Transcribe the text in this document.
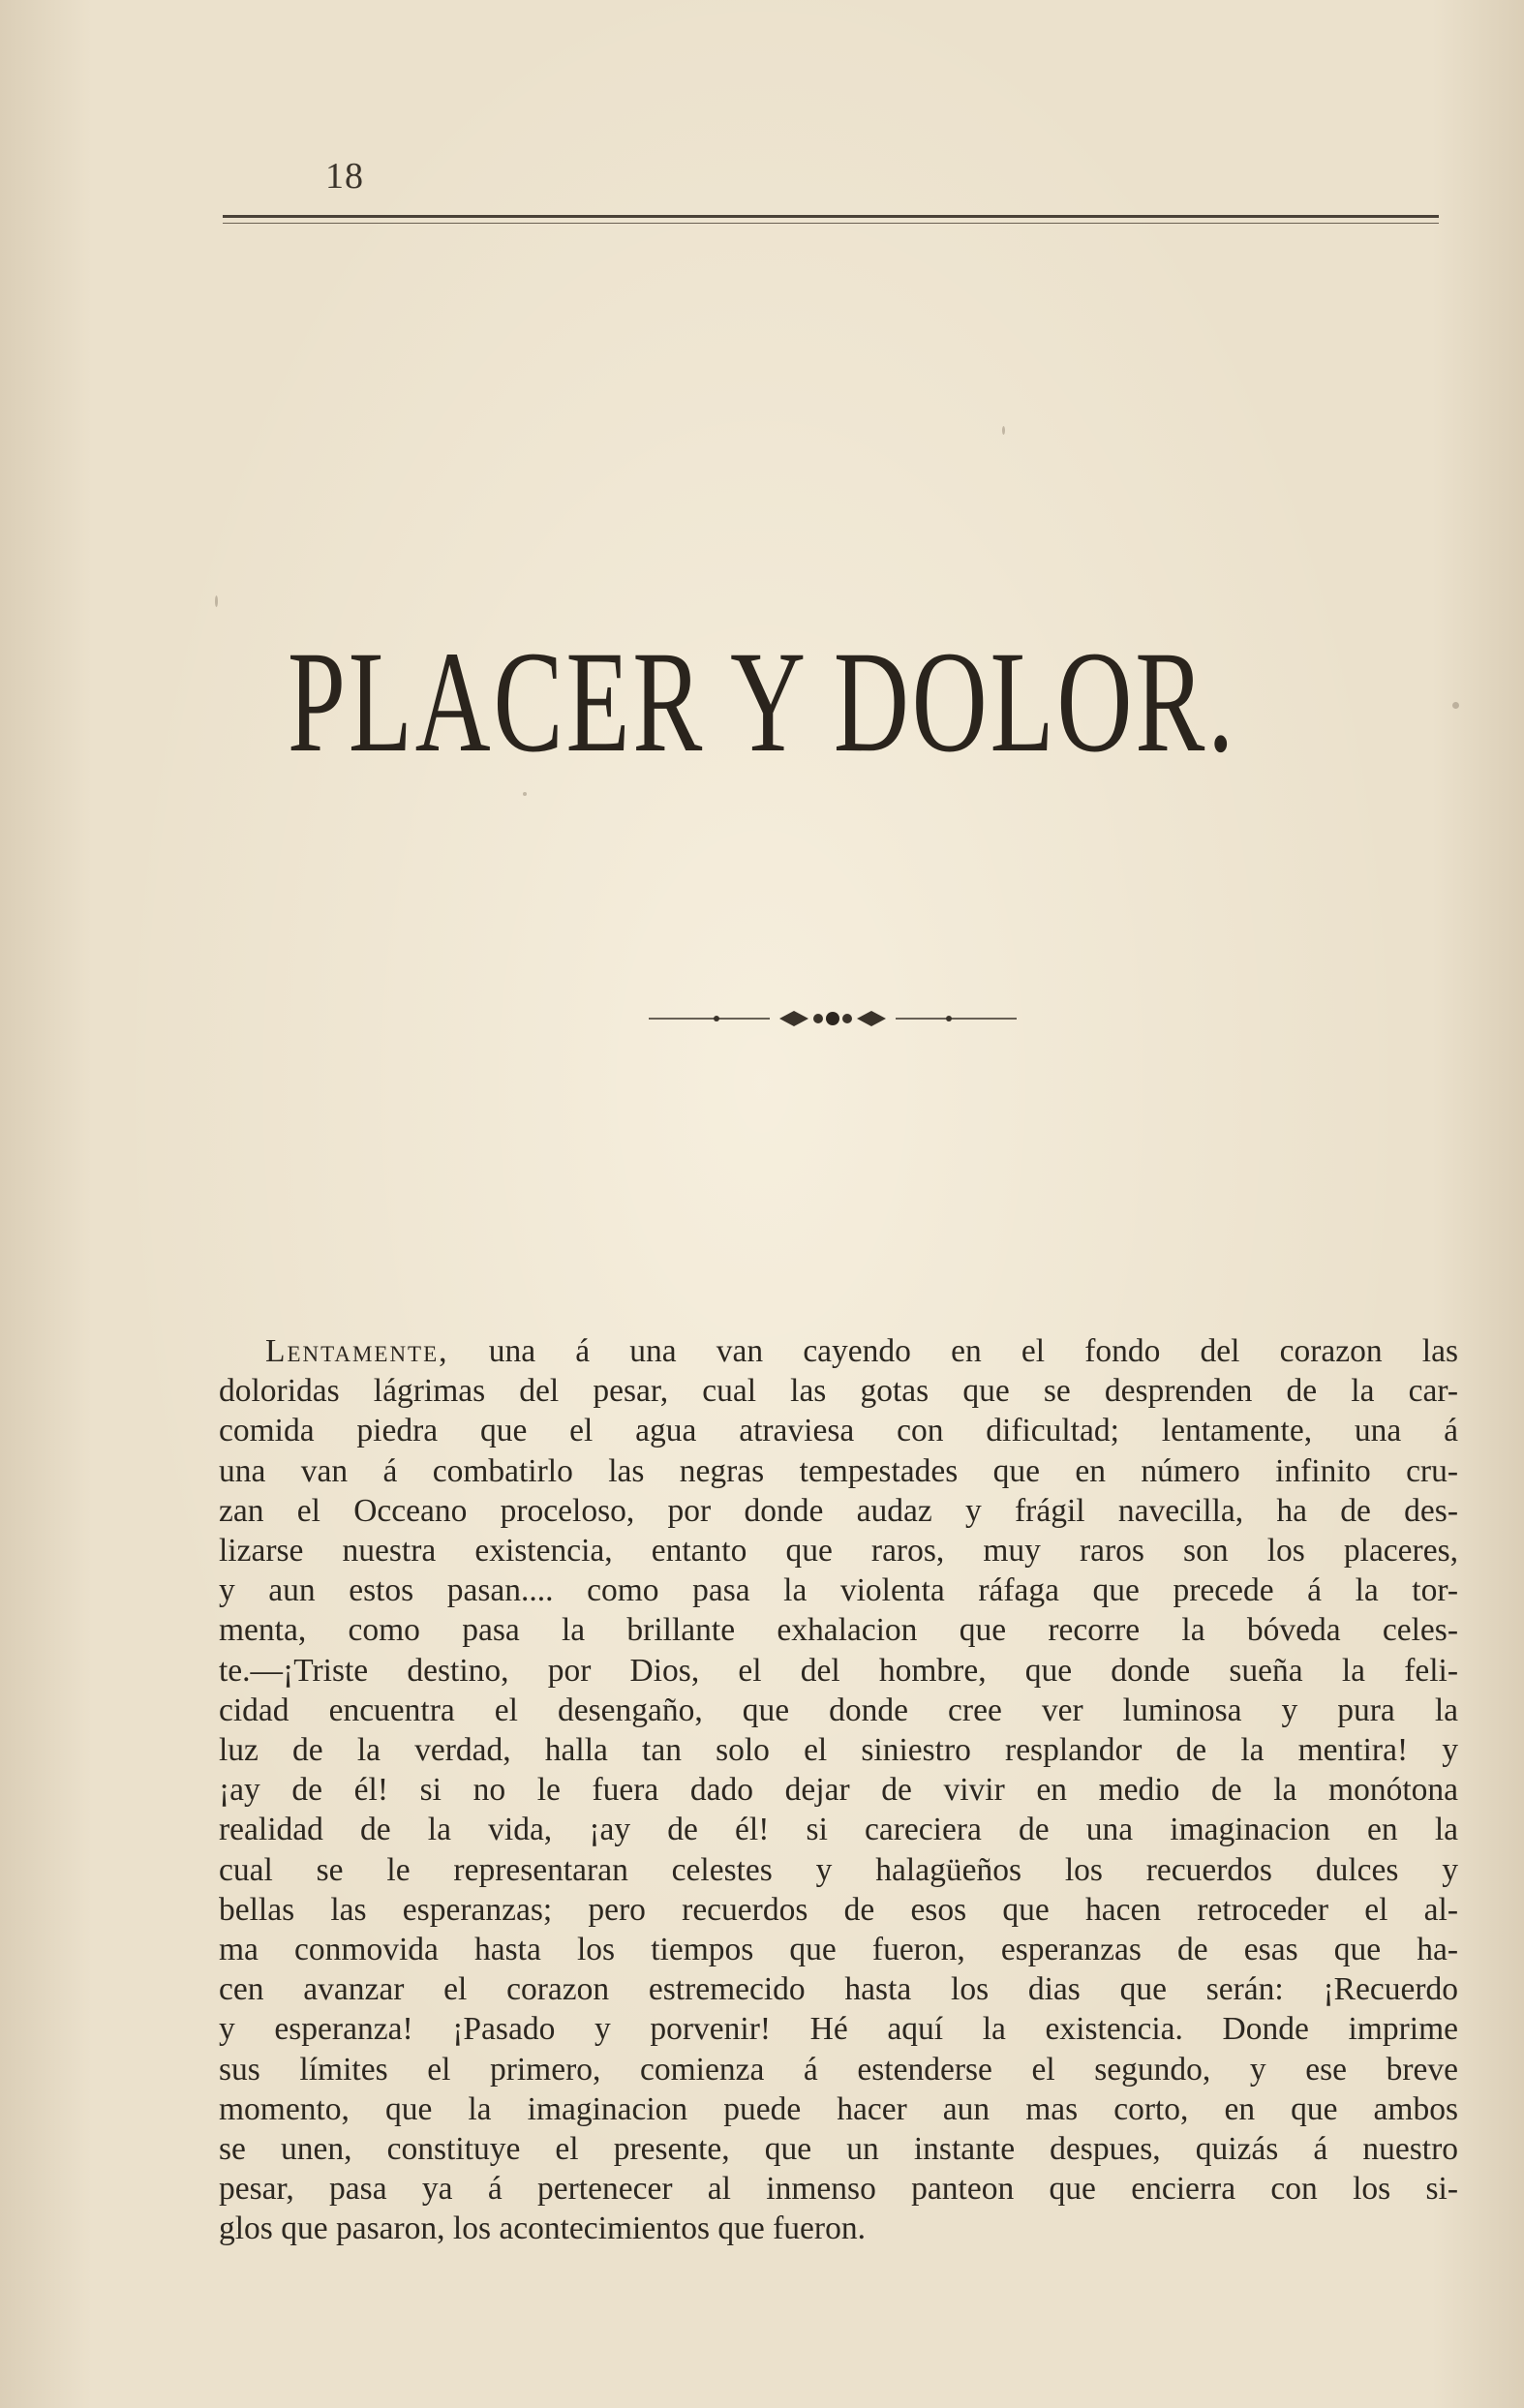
18
PLACER Y DOLOR.
Lentamente, una á una van cayendo en el fondo del corazon las
doloridas lágrimas del pesar, cual las gotas que se desprenden de la car-
comida piedra que el agua atraviesa con dificultad; lentamente, una á
una van á combatirlo las negras tempestades que en número infinito cru-
zan el Occeano proceloso, por donde audaz y frágil navecilla, ha de des-
lizarse nuestra existencia, entanto que raros, muy raros son los placeres,
y aun estos pasan.... como pasa la violenta ráfaga que precede á la tor-
menta, como pasa la brillante exhalacion que recorre la bóveda celes-
te.—¡Triste destino, por Dios, el del hombre, que donde sueña la feli-
cidad encuentra el desengaño, que donde cree ver luminosa y pura la
luz de la verdad, halla tan solo el siniestro resplandor de la mentira! y
¡ay de él! si no le fuera dado dejar de vivir en medio de la monótona
realidad de la vida, ¡ay de él! si careciera de una imaginacion en la
cual se le representaran celestes y halagüeños los recuerdos dulces y
bellas las esperanzas; pero recuerdos de esos que hacen retroceder el al-
ma conmovida hasta los tiempos que fueron, esperanzas de esas que ha-
cen avanzar el corazon estremecido hasta los dias que serán: ¡Recuerdo
y esperanza! ¡Pasado y porvenir! Hé aquí la existencia. Donde imprime
sus límites el primero, comienza á estenderse el segundo, y ese breve
momento, que la imaginacion puede hacer aun mas corto, en que ambos
se unen, constituye el presente, que un instante despues, quizás á nuestro
pesar, pasa ya á pertenecer al inmenso panteon que encierra con los si-
glos que pasaron, los acontecimientos que fueron.
